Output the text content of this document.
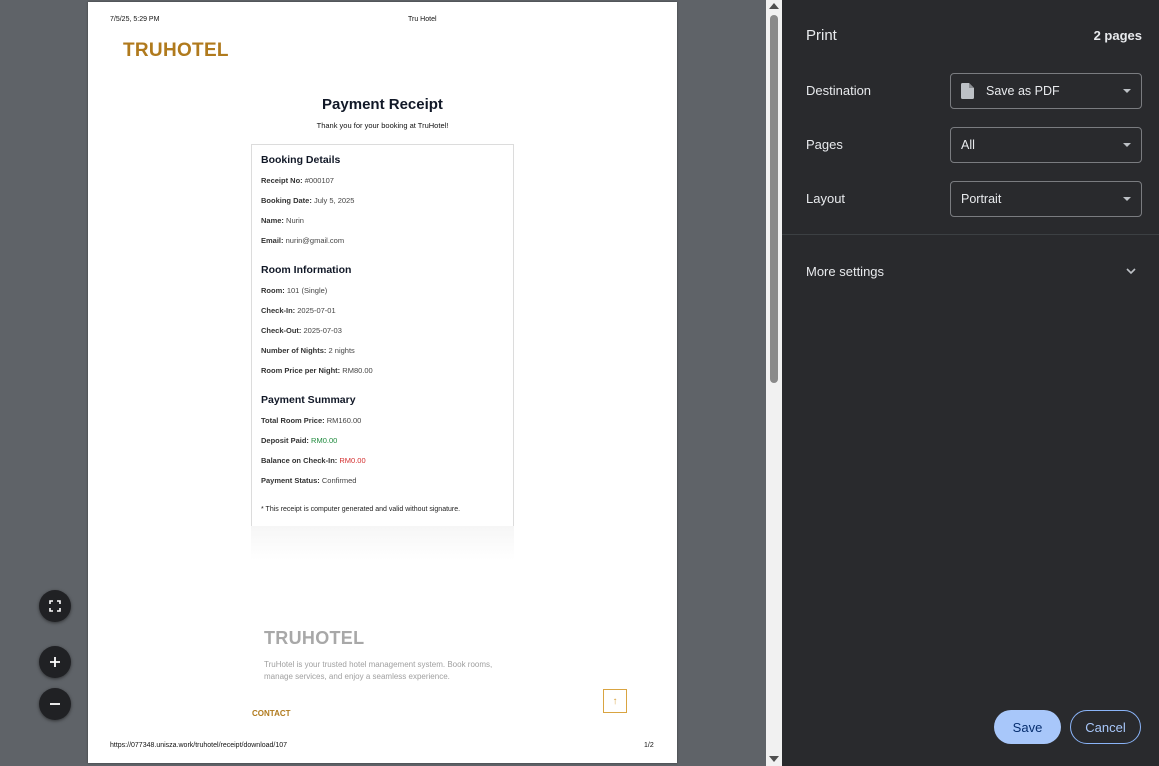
7/5/25, 5:29 PM	Tru Hotel
TRUHOTEL
Payment Receipt
Thank you for your booking at TruHotel!
Booking Details
Receipt No: #000107
Booking Date: July 5, 2025
Name: Nurin
Email: nurin@gmail.com
Room Information
Room: 101 (Single)
Check-In: 2025-07-01
Check-Out: 2025-07-03
Number of Nights: 2 nights
Room Price per Night: RM80.00
Payment Summary
Total Room Price: RM160.00
Deposit Paid: RM0.00
Balance on Check-In: RM0.00
Payment Status: Confirmed
* This receipt is computer generated and valid without signature.
TRUHOTEL
TruHotel is your trusted hotel management system. Book rooms, manage services, and enjoy a seamless experience.
CONTACT
↑
https://077348.unisza.work/truhotel/receipt/download/107	1/2
Print	2 pages
Destination	Save as PDF
Pages	All
Layout	Portrait
More settings
Save	Cancel
